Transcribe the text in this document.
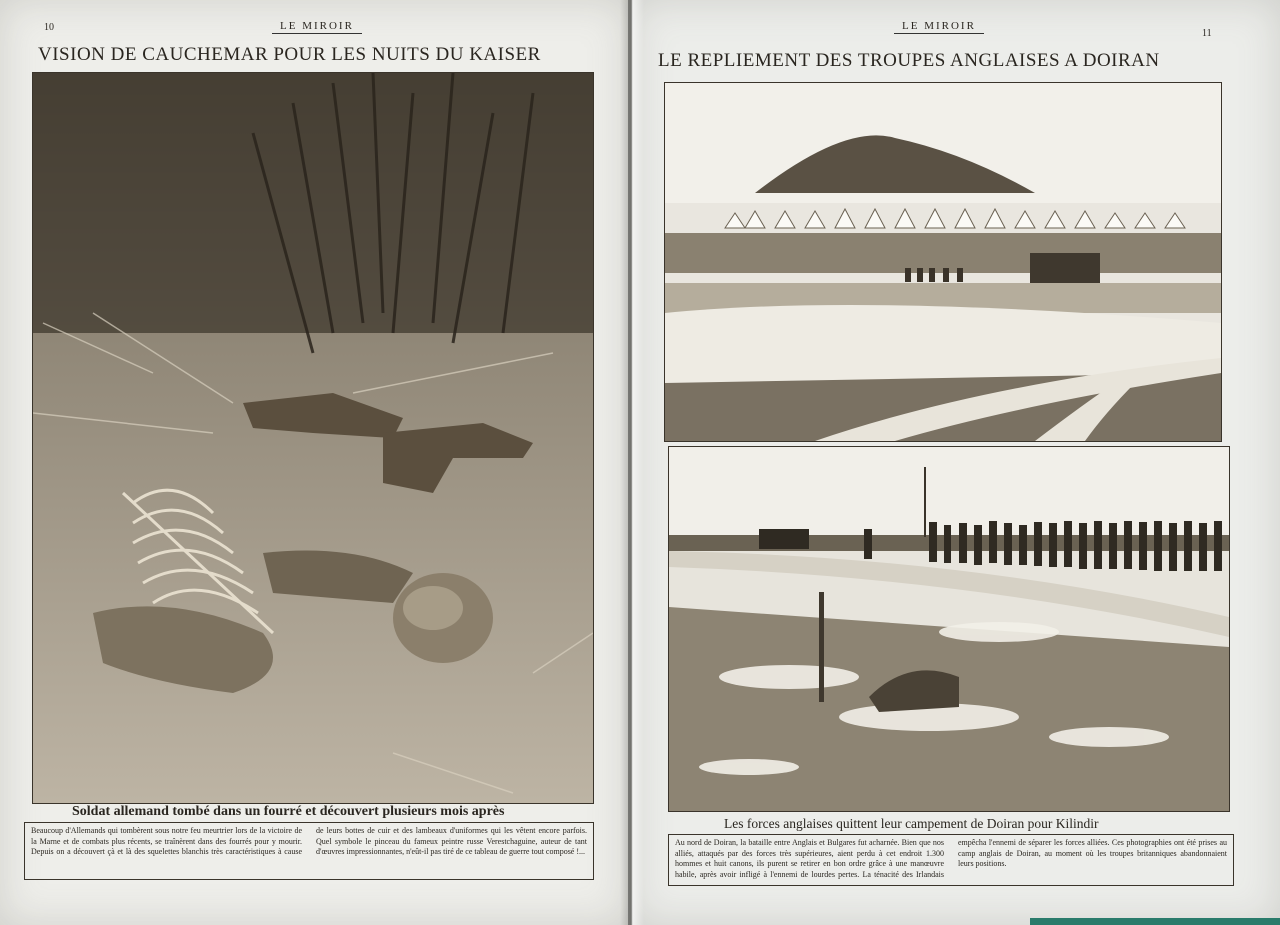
10	LE MIROIR
VISION DE CAUCHEMAR POUR LES NUITS DU KAISER
Soldat allemand tombé dans un fourré et découvert plusieurs mois après
Beaucoup d'Allemands qui tombèrent sous notre feu meurtrier lors de la victoire de la Marne et de combats plus récents, se traînèrent dans des fourrés pour y mourir. Depuis on a découvert çà et là des squelettes blanchis très caractéristiques à cause de leurs bottes de cuir et des lambeaux d'uniformes qui les vêtent encore parfois. Quel symbole le pinceau du fameux peintre russe Verestchaguine, auteur de tant d'œuvres impressionnantes, n'eût-il pas tiré de ce tableau de guerre tout composé !...
LE MIROIR
11
LE REPLIEMENT DES TROUPES ANGLAISES A DOIRAN
Les forces anglaises quittent leur campement de Doiran pour Kilindir
Au nord de Doiran, la bataille entre Anglais et Bulgares fut acharnée. Bien que nos alliés, attaqués par des forces très supérieures, aient perdu à cet endroit 1.300 hommes et huit canons, ils purent se retirer en bon ordre grâce à une manœuvre habile, après avoir infligé à l'ennemi de lourdes pertes. La ténacité des Irlandais empêcha l'ennemi de séparer les forces alliées. Ces photographies ont été prises au camp anglais de Doiran, au moment où les troupes britanniques abandonnaient leurs positions.
